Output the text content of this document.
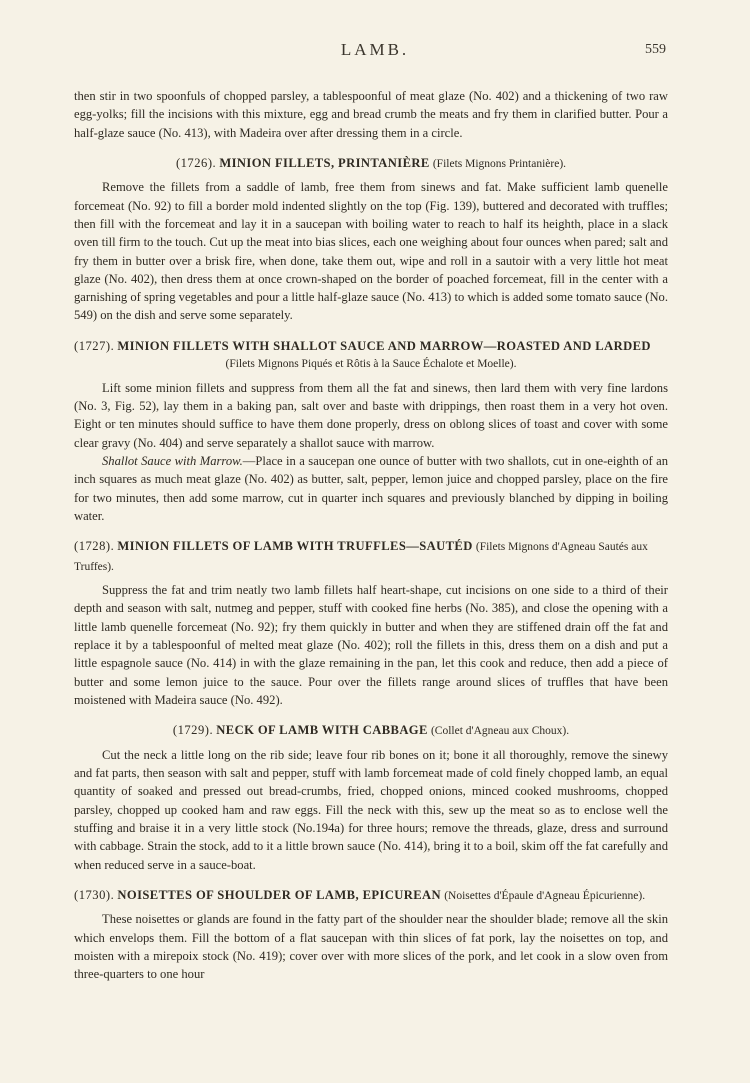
LAMB.	559

then stir in two spoonfuls of chopped parsley, a tablespoonful of meat glaze (No. 402) and a thickening of two raw egg-yolks; fill the incisions with this mixture, egg and bread crumb the meats and fry them in clarified butter. Pour a half-glaze sauce (No. 413), with Madeira over after dressing them in a circle.

(1726). MINION FILLETS, PRINTANIÈRE (Filets Mignons Printanière).

Remove the fillets from a saddle of lamb, free them from sinews and fat. Make sufficient lamb quenelle forcemeat (No. 92) to fill a border mold indented slightly on the top (Fig. 139), buttered and decorated with truffles; then fill with the forcemeat and lay it in a saucepan with boiling water to reach to half its heighth, place in a slack oven till firm to the touch. Cut up the meat into bias slices, each one weighing about four ounces when pared; salt and fry them in butter over a brisk fire, when done, take them out, wipe and roll in a sautoir with a very little hot meat glaze (No. 402), then dress them at once crown-shaped on the border of poached forcemeat, fill in the center with a garnishing of spring vegetables and pour a little half-glaze sauce (No. 413) to which is added some tomato sauce (No. 549) on the dish and serve some separately.

(1727). MINION FILLETS WITH SHALLOT SAUCE AND MARROW—ROASTED AND LARDED
(Filets Mignons Piqués et Rôtis à la Sauce Échalote et Moelle).

Lift some minion fillets and suppress from them all the fat and sinews, then lard them with very fine lardons (No. 3, Fig. 52), lay them in a baking pan, salt over and baste with drippings, then roast them in a very hot oven. Eight or ten minutes should suffice to have them done properly, dress on oblong slices of toast and cover with some clear gravy (No. 404) and serve separately a shallot sauce with marrow.

Shallot Sauce with Marrow.—Place in a saucepan one ounce of butter with two shallots, cut in one-eighth of an inch squares as much meat glaze (No. 402) as butter, salt, pepper, lemon juice and chopped parsley, place on the fire for two minutes, then add some marrow, cut in quarter inch squares and previously blanched by dipping in boiling water.

(1728). MINION FILLETS OF LAMB WITH TRUFFLES—SAUTÉD (Filets Mignons d'Agneau Sautés aux Truffes).

Suppress the fat and trim neatly two lamb fillets half heart-shape, cut incisions on one side to a third of their depth and season with salt, nutmeg and pepper, stuff with cooked fine herbs (No. 385), and close the opening with a little lamb quenelle forcemeat (No. 92); fry them quickly in butter and when they are stiffened drain off the fat and replace it by a tablespoonful of melted meat glaze (No. 402); roll the fillets in this, dress them on a dish and put a little espagnole sauce (No. 414) in with the glaze remaining in the pan, let this cook and reduce, then add a piece of butter and some lemon juice to the sauce. Pour over the fillets range around slices of truffles that have been moistened with Madeira sauce (No. 492).

(1729). NECK OF LAMB WITH CABBAGE (Collet d'Agneau aux Choux).

Cut the neck a little long on the rib side; leave four rib bones on it; bone it all thoroughly, remove the sinewy and fat parts, then season with salt and pepper, stuff with lamb forcemeat made of cold finely chopped lamb, an equal quantity of soaked and pressed out bread-crumbs, fried, chopped onions, minced cooked mushrooms, chopped parsley, chopped up cooked ham and raw eggs. Fill the neck with this, sew up the meat so as to enclose well the stuffing and braise it in a very little stock (No.194a) for three hours; remove the threads, glaze, dress and surround with cabbage. Strain the stock, add to it a little brown sauce (No. 414), bring it to a boil, skim off the fat carefully and when reduced serve in a sauce-boat.

(1730). NOISETTES OF SHOULDER OF LAMB, EPICUREAN (Noisettes d'Épaule d'Agneau Épicurienne).

These noisettes or glands are found in the fatty part of the shoulder near the shoulder blade; remove all the skin which envelops them. Fill the bottom of a flat saucepan with thin slices of fat pork, lay the noisettes on top, and moisten with a mirepoix stock (No. 419); cover over with more slices of the pork, and let cook in a slow oven from three-quarters to one hour
